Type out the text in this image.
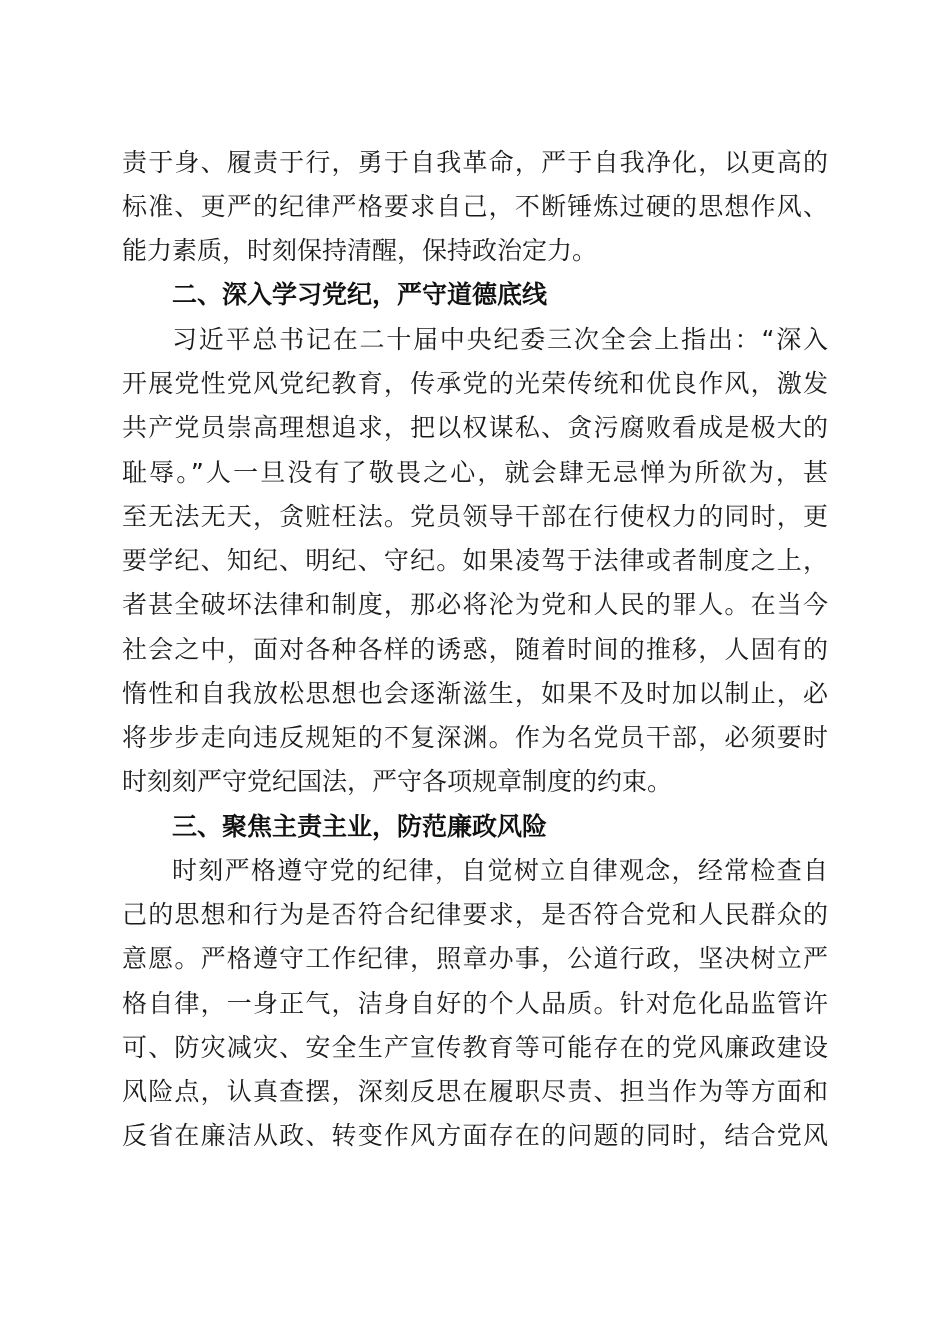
责于身、履责于行，勇于自我革命，严于自我净化，以更高的
标准、更严的纪律严格要求自己，不断锤炼过硬的思想作风、
能力素质，时刻保持清醒，保持政治定力。
二、深入学习党纪，严守道德底线
习近平总书记在二十届中央纪委三次全会上指出：“深入
开展党性党风党纪教育，传承党的光荣传统和优良作风，激发
共产党员崇高理想追求，把以权谋私、贪污腐败看成是极大的
耻辱。”人一旦没有了敬畏之心，就会肆无忌惮为所欲为，甚
至无法无天，贪赃枉法。党员领导干部在行使权力的同时，更
要学纪、知纪、明纪、守纪。如果凌驾于法律或者制度之上，
者甚全破坏法律和制度，那必将沦为党和人民的罪人。在当今
社会之中，面对各种各样的诱惑，随着时间的推移，人固有的
惰性和自我放松思想也会逐渐滋生，如果不及时加以制止，必
将步步走向违反规矩的不复深渊。作为名党员干部，必须要时
时刻刻严守党纪国法，严守各项规章制度的约束。
三、聚焦主责主业，防范廉政风险
时刻严格遵守党的纪律，自觉树立自律观念，经常检查自
己的思想和行为是否符合纪律要求，是否符合党和人民群众的
意愿。严格遵守工作纪律，照章办事，公道行政，坚决树立严
格自律，一身正气，洁身自好的个人品质。针对危化品监管许
可、防灾减灾、安全生产宣传教育等可能存在的党风廉政建设
风险点，认真查摆，深刻反思在履职尽责、担当作为等方面和
反省在廉洁从政、转变作风方面存在的问题的同时，结合党风
